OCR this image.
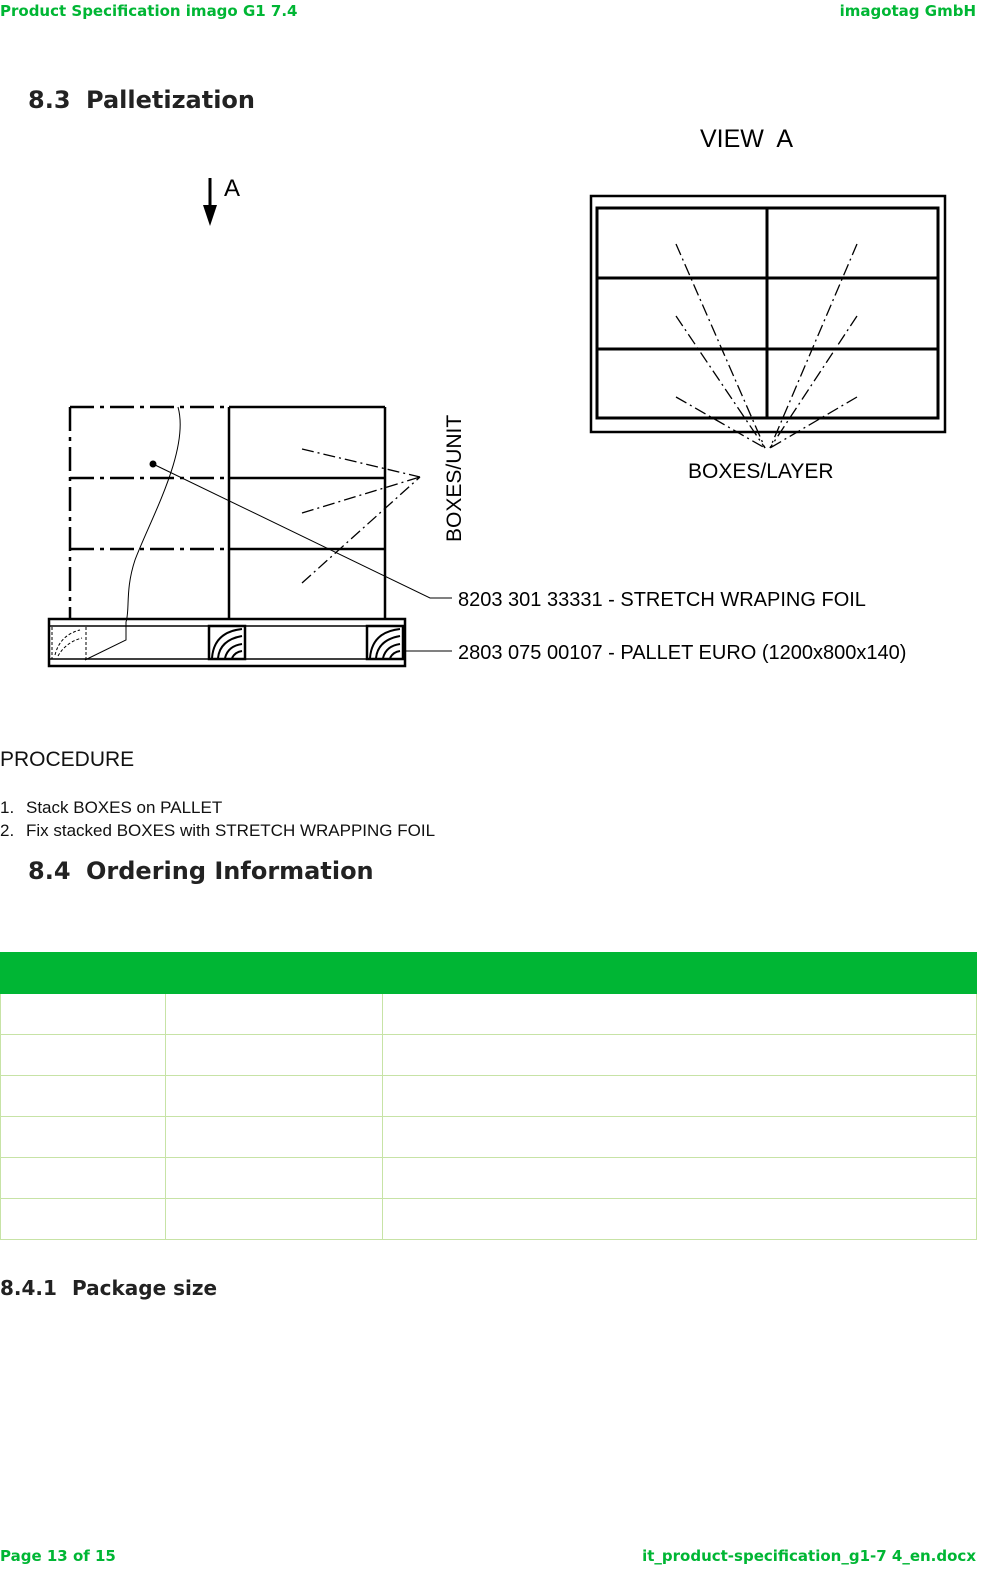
Product Specification imago G1 7.4	imagotag GmbH
8.3 Palletization
A
VIEW  A
BOXES/LAYER
BOXES/UNIT
8203 301 33331 - STRETCH WRAPING FOIL
2803 075 00107 - PALLET EURO (1200x800x140)
PROCEDURE
1. Stack BOXES on PALLET
2. Fix stacked BOXES with STRETCH WRAPPING FOIL
8.4 Ordering Information

8.4.1 Package size
Page 13 of 15	it_product-specification_g1-7 4_en.docx
